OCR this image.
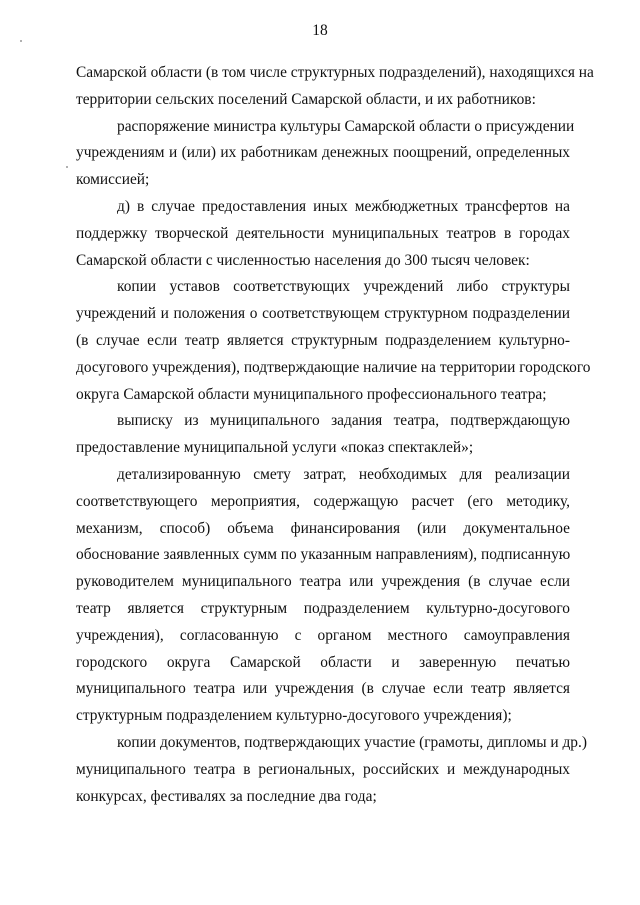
18
Самарской области (в том числе структурных подразделений), находящихся на
территории сельских поселений Самарской области, и их работников:
распоряжение министра культуры Самарской области о присуждении
учреждениям и (или) их работникам денежных поощрений, определенных
комиссией;
д) в случае предоставления иных межбюджетных трансфертов на
поддержку творческой деятельности муниципальных театров в городах
Самарской области с численностью населения до 300 тысяч человек:
копии уставов соответствующих учреждений либо структуры
учреждений и положения о соответствующем структурном подразделении
(в случае если театр является структурным подразделением культурно-
досугового учреждения), подтверждающие наличие на территории городского
округа Самарской области муниципального профессионального театра;
выписку из муниципального задания театра, подтверждающую
предоставление муниципальной услуги «показ спектаклей»;
детализированную смету затрат, необходимых для реализации
соответствующего мероприятия, содержащую расчет (его методику,
механизм, способ) объема финансирования (или документальное
обоснование заявленных сумм по указанным направлениям), подписанную
руководителем муниципального театра или учреждения (в случае если
театр является структурным подразделением культурно-досугового
учреждения), согласованную с органом местного самоуправления
городского округа Самарской области и заверенную печатью
муниципального театра или учреждения (в случае если театр является
структурным подразделением культурно-досугового учреждения);
копии документов, подтверждающих участие (грамоты, дипломы и др.)
муниципального театра в региональных, российских и международных
конкурсах, фестивалях за последние два года;
